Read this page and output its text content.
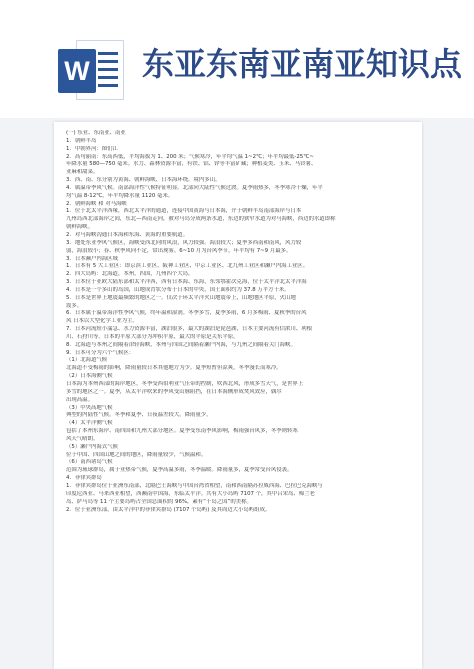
W 东亚东南亚南亚知识点
(一) 东亚、东南亚、南亚
1．朝鲜半岛
1．中朝界河：图们江
2．高句丽南：东高西低，平均海拔为 1、200 米；气候寒冷，年平均气温 1~2℃；年平均最低-25℃~
年降水量 580—750 毫米。水力、森林资源丰富，有铁、铝、锌等丰富矿藏；种植麦类、玉米、马铃薯、
亚麻和甜菜。
3．西、南、东分别为黄海、朝鲜海峡、日本海环绕。境内多山。
4．属温带季风气候。南部海洋性气候特征明显。北部向大陆性气候过渡。夏季雨热多，冬季寒冷干燥，年平
均气温 8-12℃，年平均降水量 1120 毫米。
2．朝鲜海峡 和 对马海峡
1．位于北太平洋西缘，西北太平洋的通道，连接中国黄海与日本海，介于朝鲜半岛南部海岸与日本
九州岛西北部海岸之间，东北—西南走向，被对马岛分成两条水道，东边的狭窄水道为对马海峡，西边的水道即称
朝鲜海峡。
2．对马海峡沟通日本海和东海、黄海的重要航道。
3．地处东亚季风气候区，海峡受西北向的风浪，风力较强。海浪较大；夏季多西南和南风，风力较
弱，海浪较小；春、秋季风向不定，常出现雾。6~10 月为台风季节，年平均有 7~9 月最多。
3．日本濒户内海区域
1．日本有 5 大工业区：即京滨工业区、阪神工业区、中京工业区、北九州工业区和濑户内海工业区。
2．四大岛屿：北海道，本州，四国，九州四个大岛。
3．日本位于亚欧大陆东部和太平洋西，西有日本海、东海，东邻鄂霍次克海，位于太平洋北太平洋海
4．日本是一个多山的岛国，山地成背状分布于日本的中央，国土面积约为 37.8 万平方千米。
5．日本是世界上地震最频繁的地区之一。仅次于环太平洋火山地震带上，山地地区平原，火山地
震多。
6．日本属于温带海洋性季风气候，终年温和湿润。冬季多雪，夏季多雨，6 月多梅雨、夏秋季的台风
风 日本以大型化学工业为主。
7．日本河流短小湍急、水力资源丰富，湖泊很多，最大的湖泊是琵琶湖，日本主要河流有信浓川、利根
川、石狩川等。日本的平原大部分为冲积平原，最大的平原是关东平原。
8．北海道与本州之间隔着津轻海峡，本州与四国之间隔着濑户内海，与九州之间隔着关门海峡。
9．日本可分为六个气候区：
（1）北海道气候
北海道不受梅雨的影响，降雨量较日本其他地方为少。夏季短暂但凉爽，冬季漫长而寒冷。
（2）日本海侧气候
日本海为本州西部的海岸地区，冬季受西伯利亚气压带的控制，吹西北风，形成多雪天气，是世界上
多雪的地区之一。夏季，从太平洋吹来的季风受山脉阻挡，在日本海侧形成焚风效应，偶尔
出现高温。
（3）中央高地气候
典型的内陆性气候。冬季和夏季、日夜温差较大。降雨量少。
（4）太平洋侧气候
包括了本州东海岸、南四国和九州大部分地区。夏季受东南季风影响，梅雨强台风多，冬季则转寒
风天气晴朗。
（5）濑户内海式气候
位于中国、四国山地之间的地区，降雨量较少，气候温和。
（6）南西诸岛气候
范围为琉球群岛，属于亚热带气候，夏季高温多雨，冬季温暖。降雨量多，夏季常受台风侵袭。
4．菲律宾群岛
1．菲律宾群岛位于亚洲东南部，北隔巴士海峡与中国台湾省相望，南和西南隔苏拉威西海、巴拉巴克海峡与
印度尼西亚、马来西亚相望，西濒南中国海，东临太平洋。共有大小岛屿 7107 个，其中吕宋岛、棉兰老
岛、萨马岛等 11 个主要岛屿占全国总面积的 96%，素有“千岛之国”的美称。
2．位于亚洲东部，由太平洋中的菲律宾群岛 (7107 个岛屿) 及其周边大小岛屿组成。
